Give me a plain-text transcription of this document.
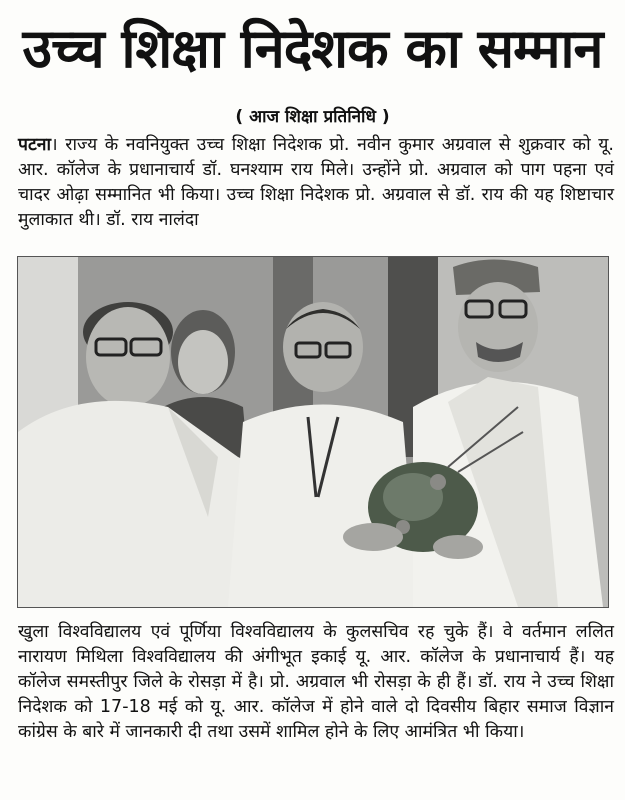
उच्च शिक्षा निदेशक का सम्मान
( आज शिक्षा प्रतिनिधि )
पटना। राज्य के नवनियुक्त उच्च शिक्षा निदेशक प्रो. नवीन कुमार अग्रवाल से शुक्रवार को यू. आर. कॉलेज के प्रधानाचार्य डॉ. घनश्याम राय मिले। उन्होंने प्रो. अग्रवाल को पाग पहना एवं चादर ओढ़ा सम्मानित भी किया। उच्च शिक्षा निदेशक प्रो. अग्रवाल से डॉ. राय की यह शिष्टाचार मुलाकात थी। डॉ. राय नालंदा
खुला विश्वविद्यालय एवं पूर्णिया विश्वविद्यालय के कुलसचिव रह चुके हैं। वे वर्तमान ललित नारायण मिथिला विश्वविद्यालय की अंगीभूत इकाई यू. आर. कॉलेज के प्रधानाचार्य हैं। यह कॉलेज समस्तीपुर जिले के रोसड़ा में है। प्रो. अग्रवाल भी रोसड़ा के ही हैं। डॉ. राय ने उच्च शिक्षा निदेशक को 17-18 मई को यू. आर. कॉलेज में होने वाले दो दिवसीय बिहार समाज विज्ञान कांग्रेस के बारे में जानकारी दी तथा उसमें शामिल होने के लिए आमंत्रित भी किया।
